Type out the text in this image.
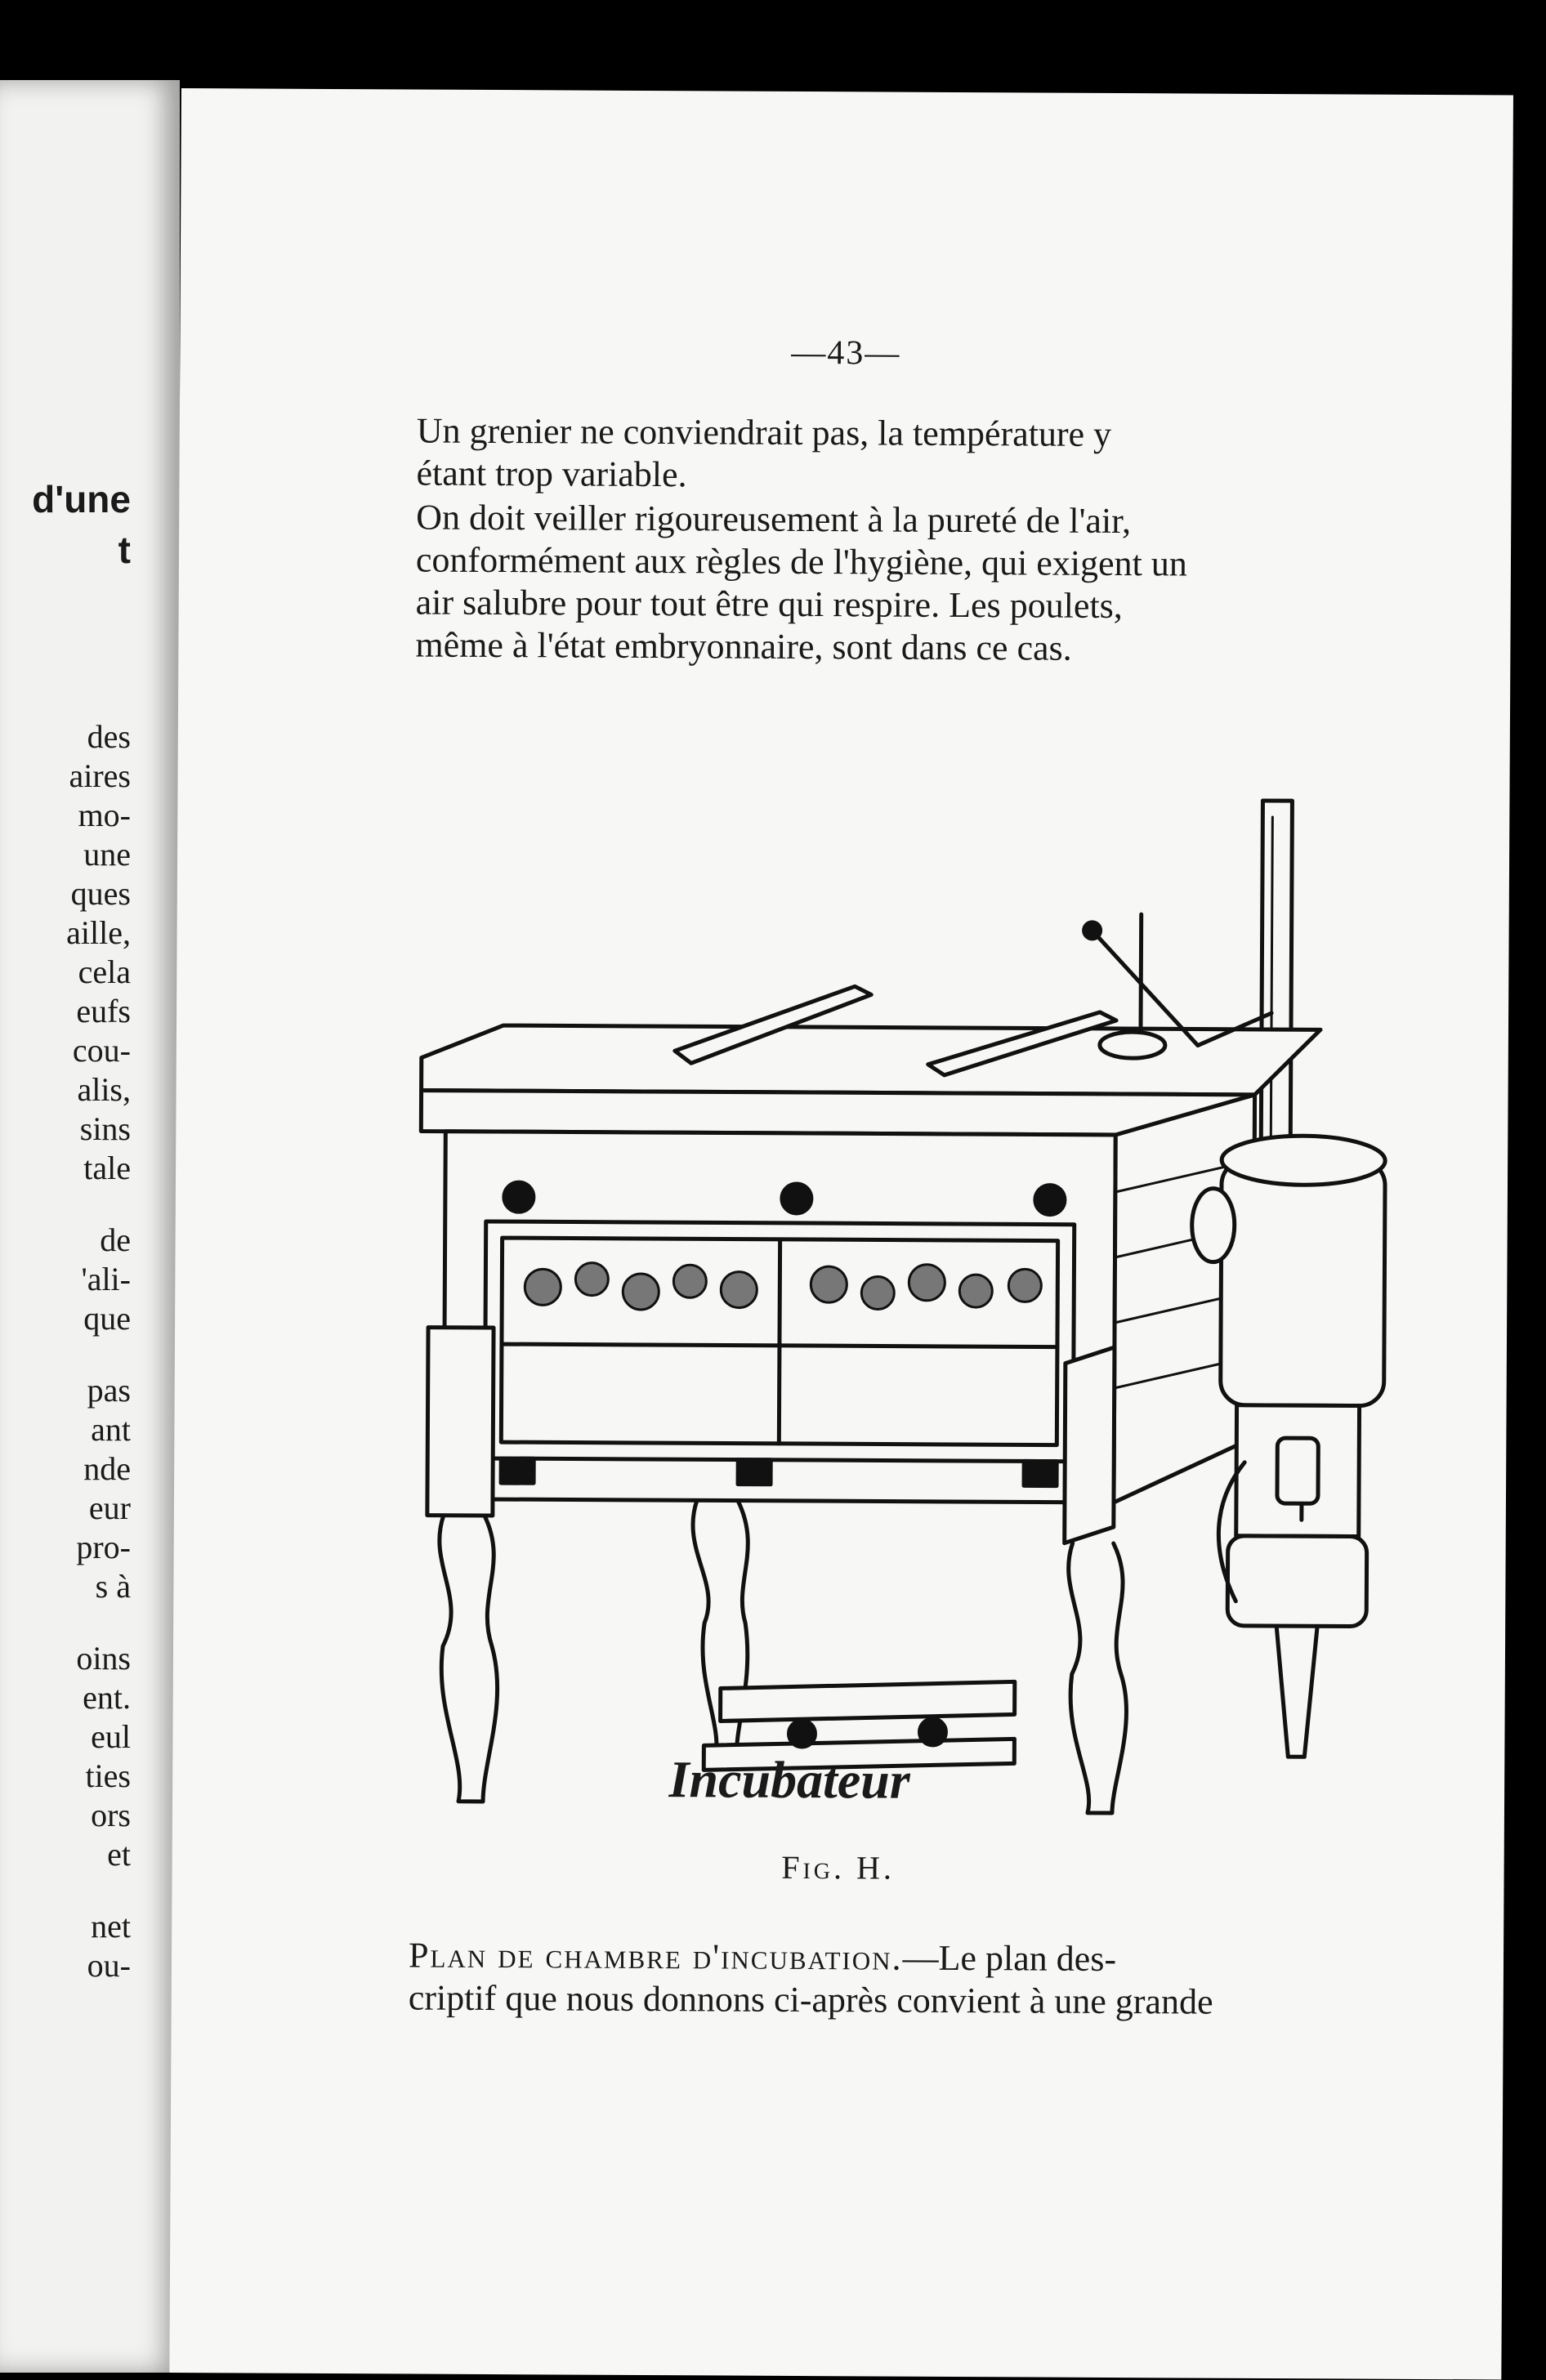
d'une
t
des
aires
mo-
une
ques
aille,
cela
eufs
cou-
alis,
sins
tale
de
'ali-
que
pas
ant
nde
eur
pro-
s à
oins
ent.
eul
ties
ors
et
net
ou-
—43—
Un grenier ne conviendrait pas, la température y
étant trop variable.
On doit veiller rigoureusement à la pureté de l'air,
conformément aux règles de l'hygiène, qui exigent un
air salubre pour tout être qui respire. Les poulets,
même à l'état embryonnaire, sont dans ce cas.
Incubateur
Fig. H.
Plan de chambre d'incubation.—Le plan des-
criptif que nous donnons ci-après convient à une grande
